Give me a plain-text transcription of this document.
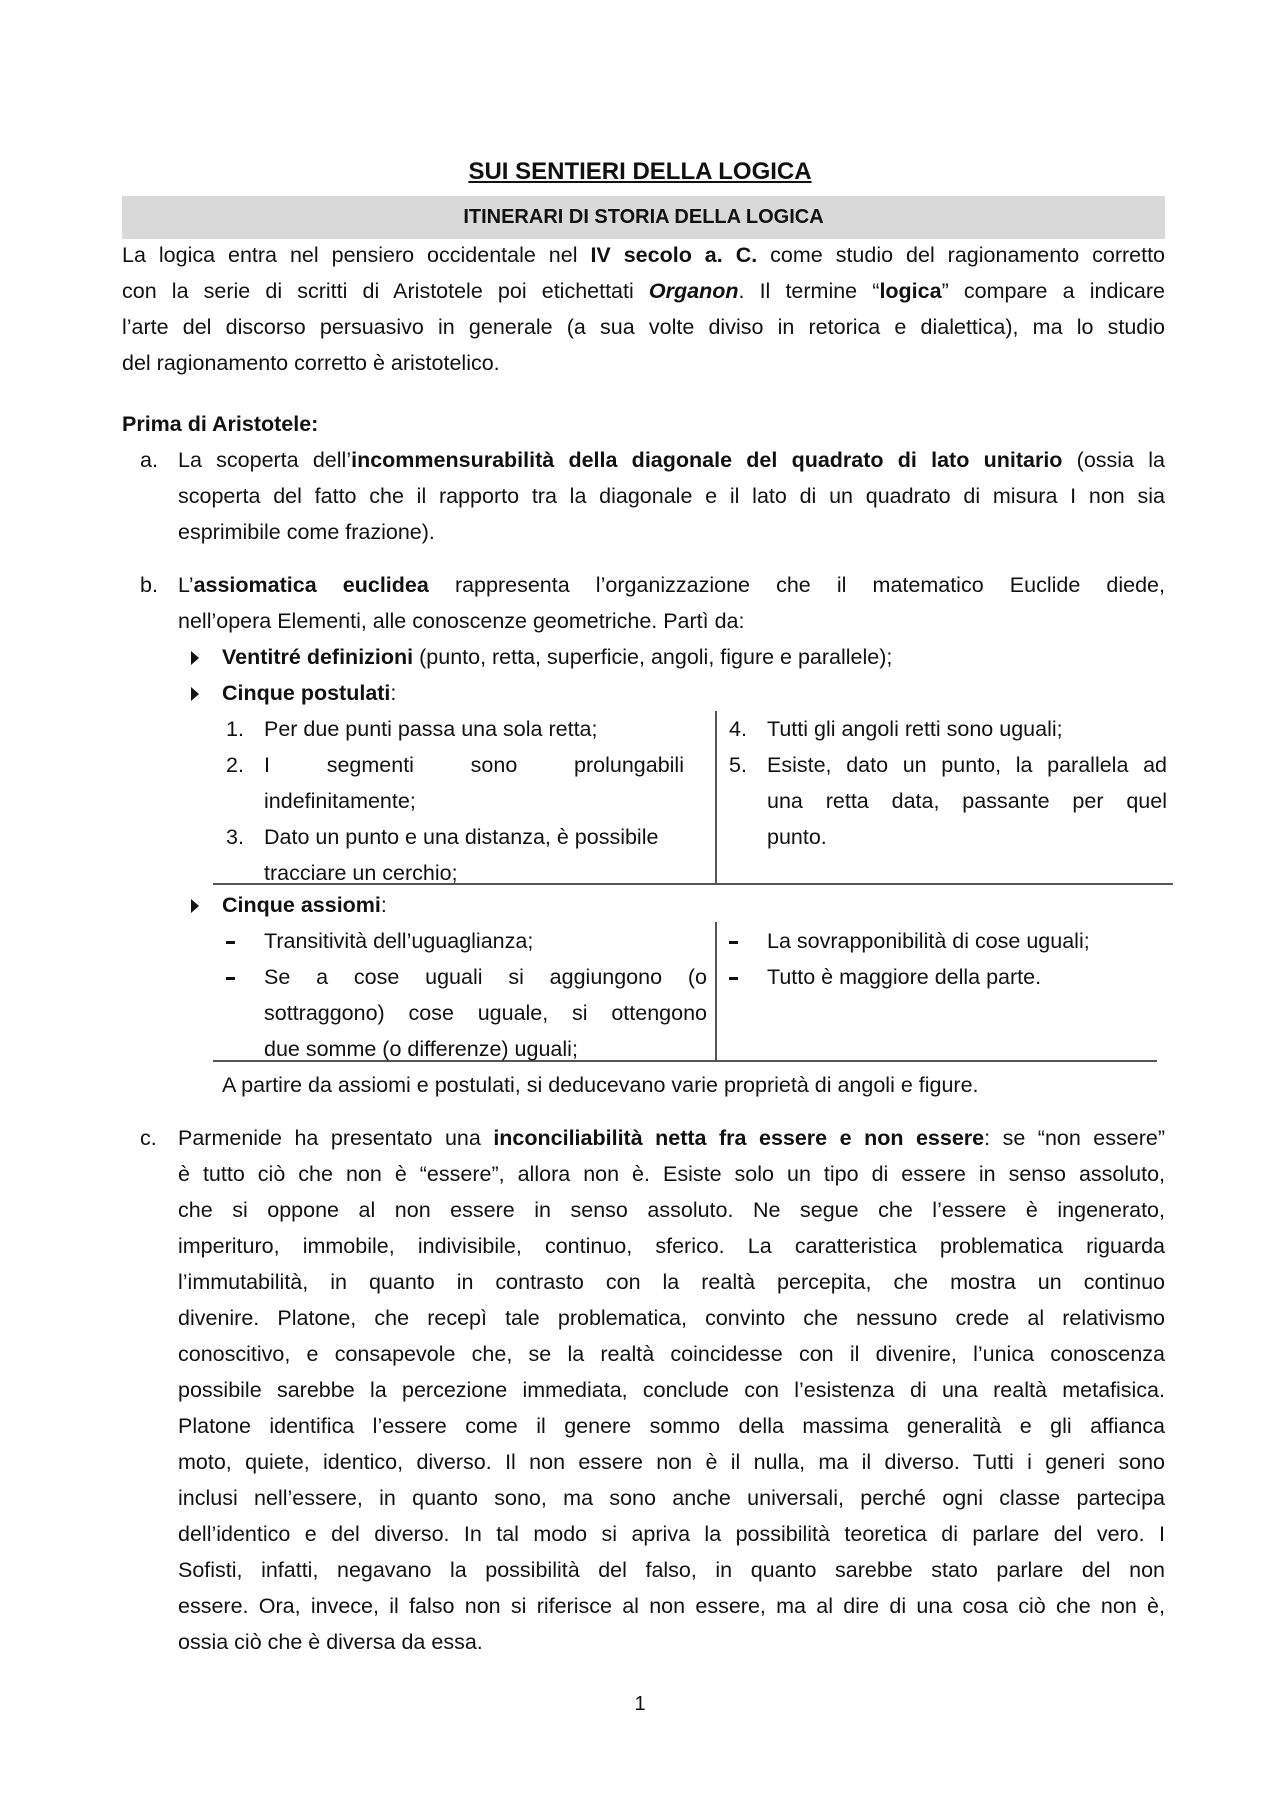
SUI SENTIERI DELLA LOGICA
ITINERARI DI STORIA DELLA LOGICA
La logica entra nel pensiero occidentale nel IV secolo a. C. come studio del ragionamento corretto
con la serie di scritti di Aristotele poi etichettati Organon. Il termine “logica” compare a indicare
l’arte del discorso persuasivo in generale (a sua volte diviso in retorica e dialettica), ma lo studio
del ragionamento corretto è aristotelico.
Prima di Aristotele:
a. La scoperta dell’incommensurabilità della diagonale del quadrato di lato unitario (ossia la
scoperta del fatto che il rapporto tra la diagonale e il lato di un quadrato di misura I non sia
esprimibile come frazione).
b. L’assiomatica euclidea rappresenta l’organizzazione che il matematico Euclide diede,
nell’opera Elementi, alle conoscenze geometriche. Partì da:
Ventitré definizioni (punto, retta, superficie, angoli, figure e parallele);
Cinque postulati:
1. Per due punti passa una sola retta;
2. I segmenti sono prolungabili
indefinitamente;
3. Dato un punto e una distanza, è possibile
tracciare un cerchio;
4. Tutti gli angoli retti sono uguali;
5. Esiste, dato un punto, la parallela ad
una retta data, passante per quel
punto.
Cinque assiomi:
Transitività dell’uguaglianza;
Se a cose uguali si aggiungono (o
sottraggono) cose uguale, si ottengono
due somme (o differenze) uguali;
La sovrapponibilità di cose uguali;
Tutto è maggiore della parte.
A partire da assiomi e postulati, si deducevano varie proprietà di angoli e figure.
c. Parmenide ha presentato una inconciliabilità netta fra essere e non essere: se “non essere”
è tutto ciò che non è “essere”, allora non è. Esiste solo un tipo di essere in senso assoluto,
che si oppone al non essere in senso assoluto. Ne segue che l’essere è ingenerato,
imperituro, immobile, indivisibile, continuo, sferico. La caratteristica problematica riguarda
l’immutabilità, in quanto in contrasto con la realtà percepita, che mostra un continuo
divenire. Platone, che recepì tale problematica, convinto che nessuno crede al relativismo
conoscitivo, e consapevole che, se la realtà coincidesse con il divenire, l’unica conoscenza
possibile sarebbe la percezione immediata, conclude con l’esistenza di una realtà metafisica.
Platone identifica l’essere come il genere sommo della massima generalità e gli affianca
moto, quiete, identico, diverso. Il non essere non è il nulla, ma il diverso. Tutti i generi sono
inclusi nell’essere, in quanto sono, ma sono anche universali, perché ogni classe partecipa
dell’identico e del diverso. In tal modo si apriva la possibilità teoretica di parlare del vero. I
Sofisti, infatti, negavano la possibilità del falso, in quanto sarebbe stato parlare del non
essere. Ora, invece, il falso non si riferisce al non essere, ma al dire di una cosa ciò che non è,
ossia ciò che è diversa da essa.
1
